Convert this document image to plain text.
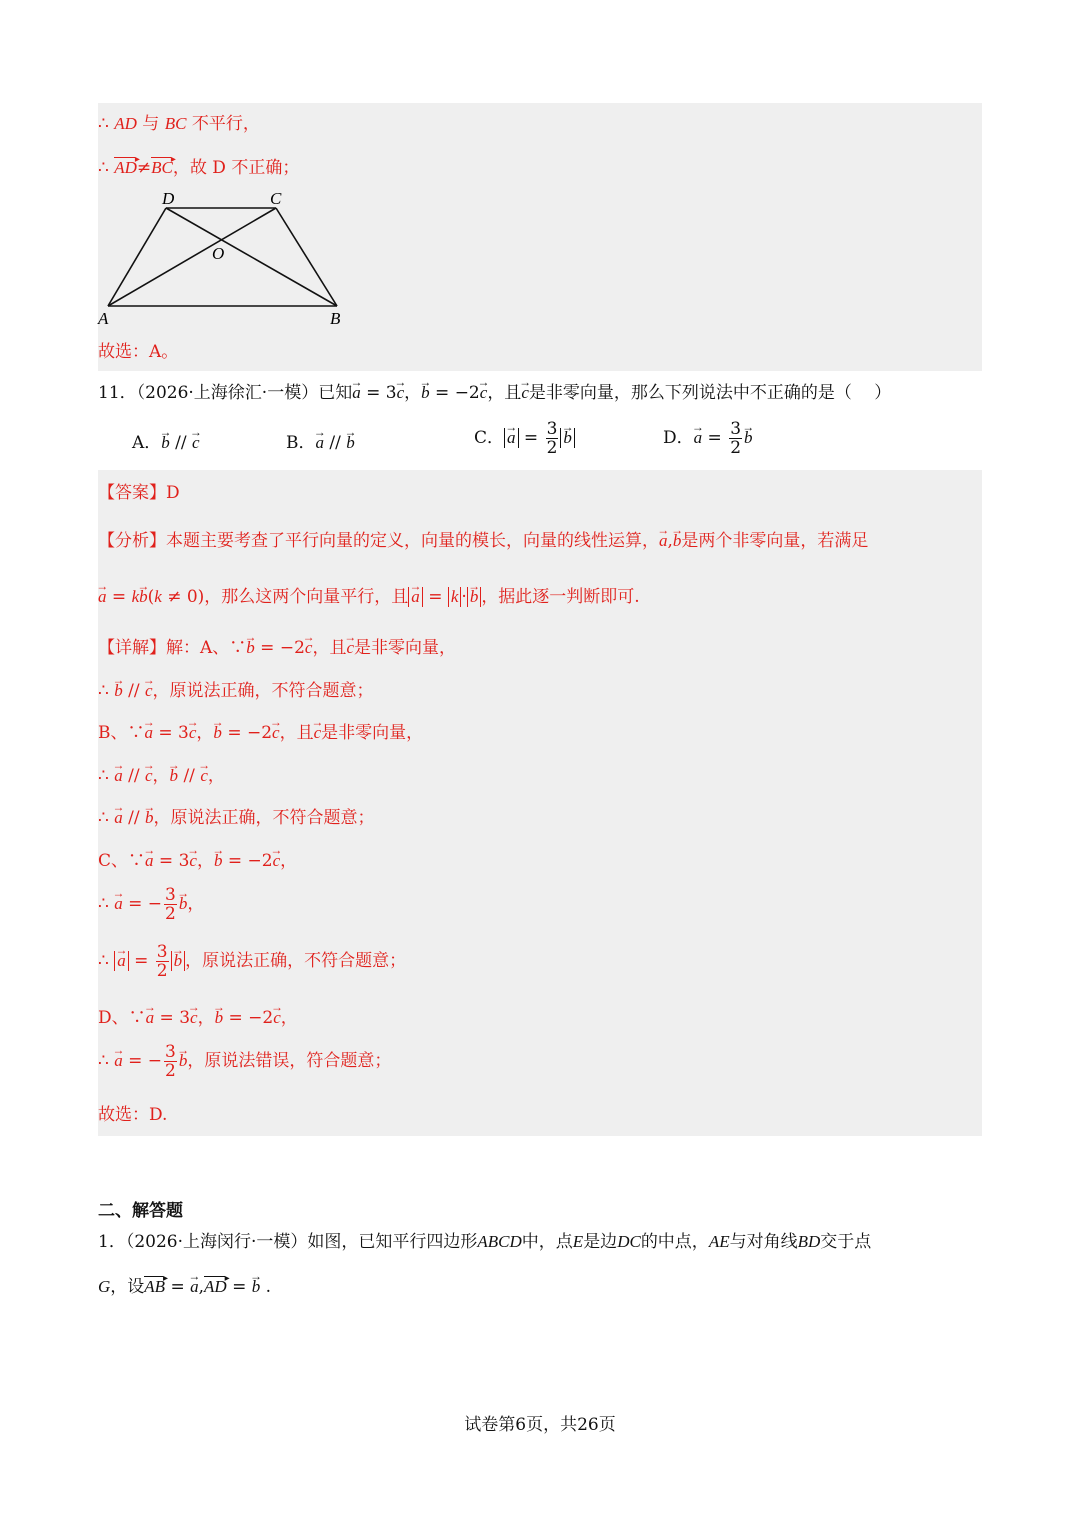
∴ AD 与 BC 不平行，
∴ AD ▸≠BC ▸，故 D 不正确；
D	C
O
A	B
故选：A。
11．（2026·上海徐汇·一模）已知→ a = 3→ c，→ b = −2→ c，且→ c是非零向量，那么下列说法中不正确的是（　 ）
A．→ b // → c	B．→ a // → b	C．→ $a = \frac{3}{2}$
→ b	D．→ $a = \frac{3}{2}$
→ b
【答案】D
【分析】本题主要考查了平行向量的定义，向量的模长，向量的线性运算，→ a,→ b是两个非零向量，若满足
→ a = k→ b(k ≠ 0)，那么这两个向量平行，且→ a = k ·→ b ，据此逐一判断即可.
【详解】解：A、∵→ b = −2→ c，且→ c是非零向量，
∴ → b // → c，原说法正确，不符合题意；
B、∵→ a = 3→ c，→ b = −2→ c，且→ c是非零向量，
∴ → a // → c，→ b // → c，
∴ → a // → b，原说法正确，不符合题意；
C、∵→ a = 3→ c，→ b = −2→ c，
∴ → a = − $\frac{3}{2}$
→ b，
∴ → $a = \frac{3}{2}$
→ b ，原说法正确，不符合题意；
D、∵→ a = 3→ c，→ b = −2→ c，
∴ → a = − $\frac{3}{2}$
→ b，原说法错误，符合题意；
故选：D.
二、解答题
1．（2026·上海闵行·一模）如图，已知平行四边形ABCD中，点E是边DC的中点，AE与对角线BD交于点
G，设AB ▸ = → a,AD ▸ = → b .
试卷第6页，共26页
